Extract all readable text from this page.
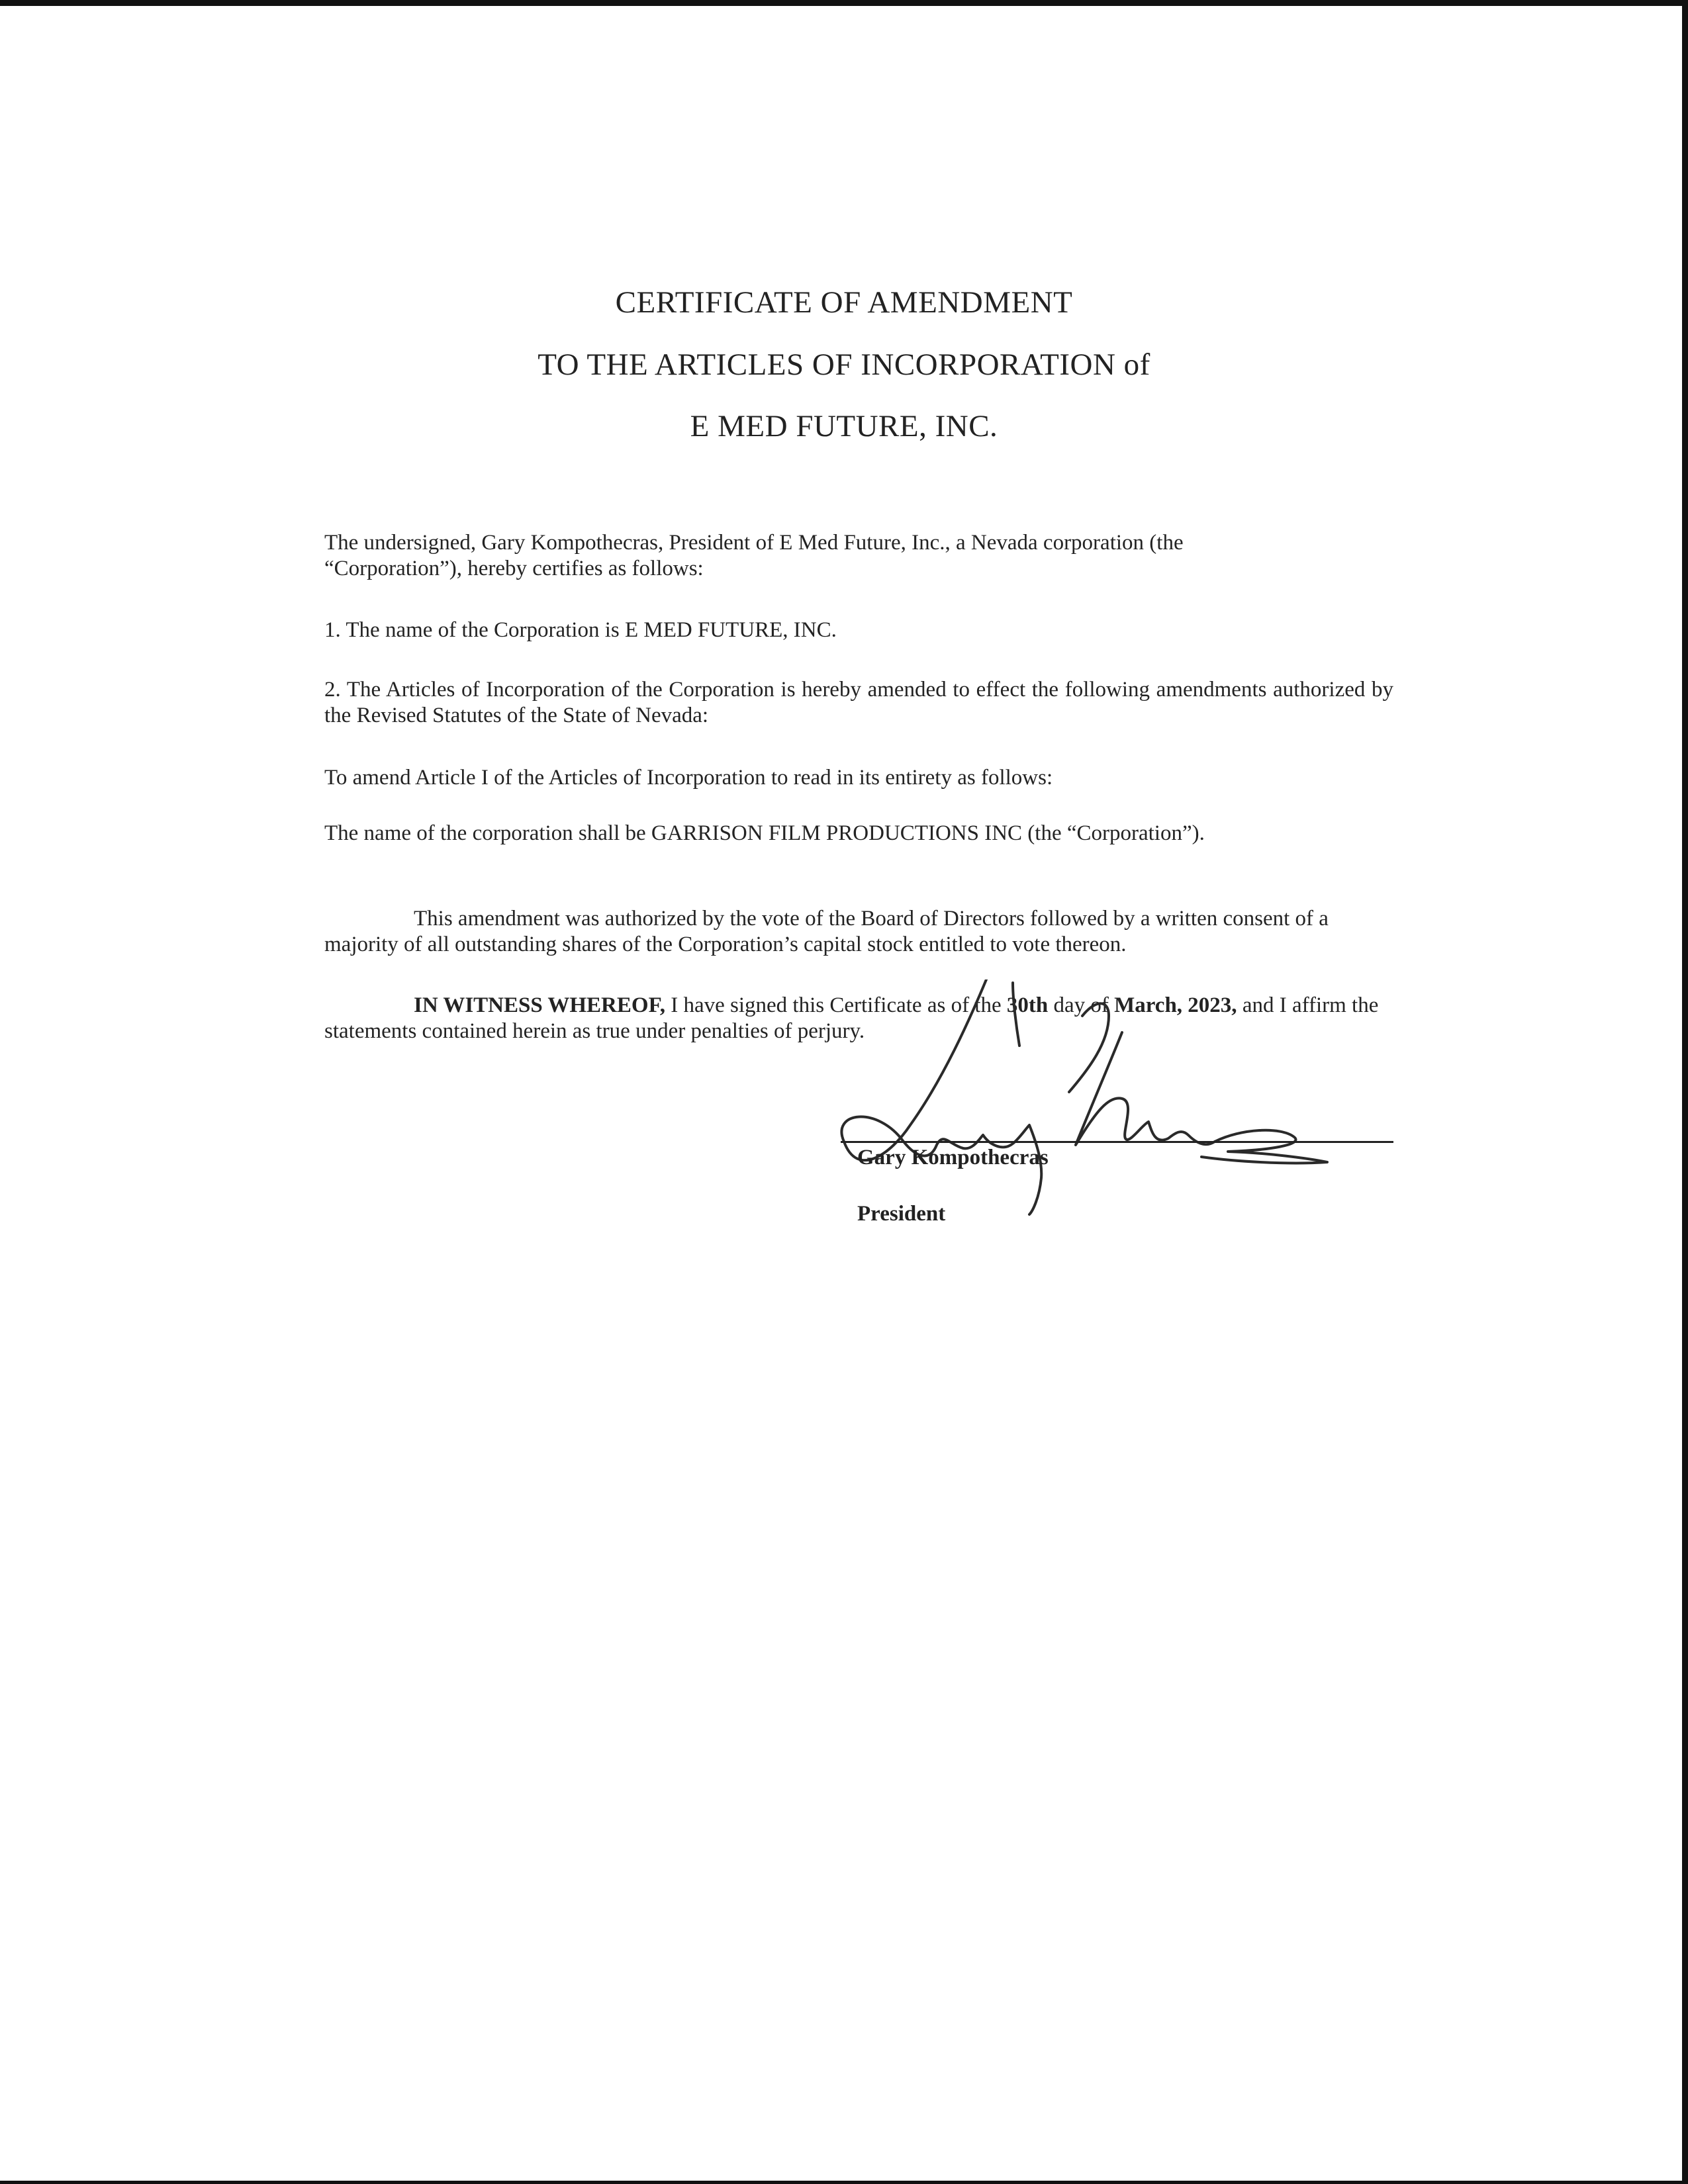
CERTIFICATE OF AMENDMENT
TO THE ARTICLES OF INCORPORATION of
E MED FUTURE, INC.
The undersigned, Gary Kompothecras, President of E Med Future, Inc., a Nevada corporation (the
“Corporation”), hereby certifies as follows:
1. The name of the Corporation is E MED FUTURE, INC.
2. The Articles of Incorporation of the Corporation is hereby amended to effect the following amendments authorized by the Revised Statutes of the State of Nevada:
To amend Article I of the Articles of Incorporation to read in its entirety as follows:
The name of the corporation shall be GARRISON FILM PRODUCTIONS INC (the “Corporation”).
This amendment was authorized by the vote of the Board of Directors followed by a written consent of a majority of all outstanding shares of the Corporation’s capital stock entitled to vote thereon.
IN WITNESS WHEREOF, I have signed this Certificate as of the 30th day of March, 2023, and I affirm the statements contained herein as true under penalties of perjury.
Gary Kompothecras
President
